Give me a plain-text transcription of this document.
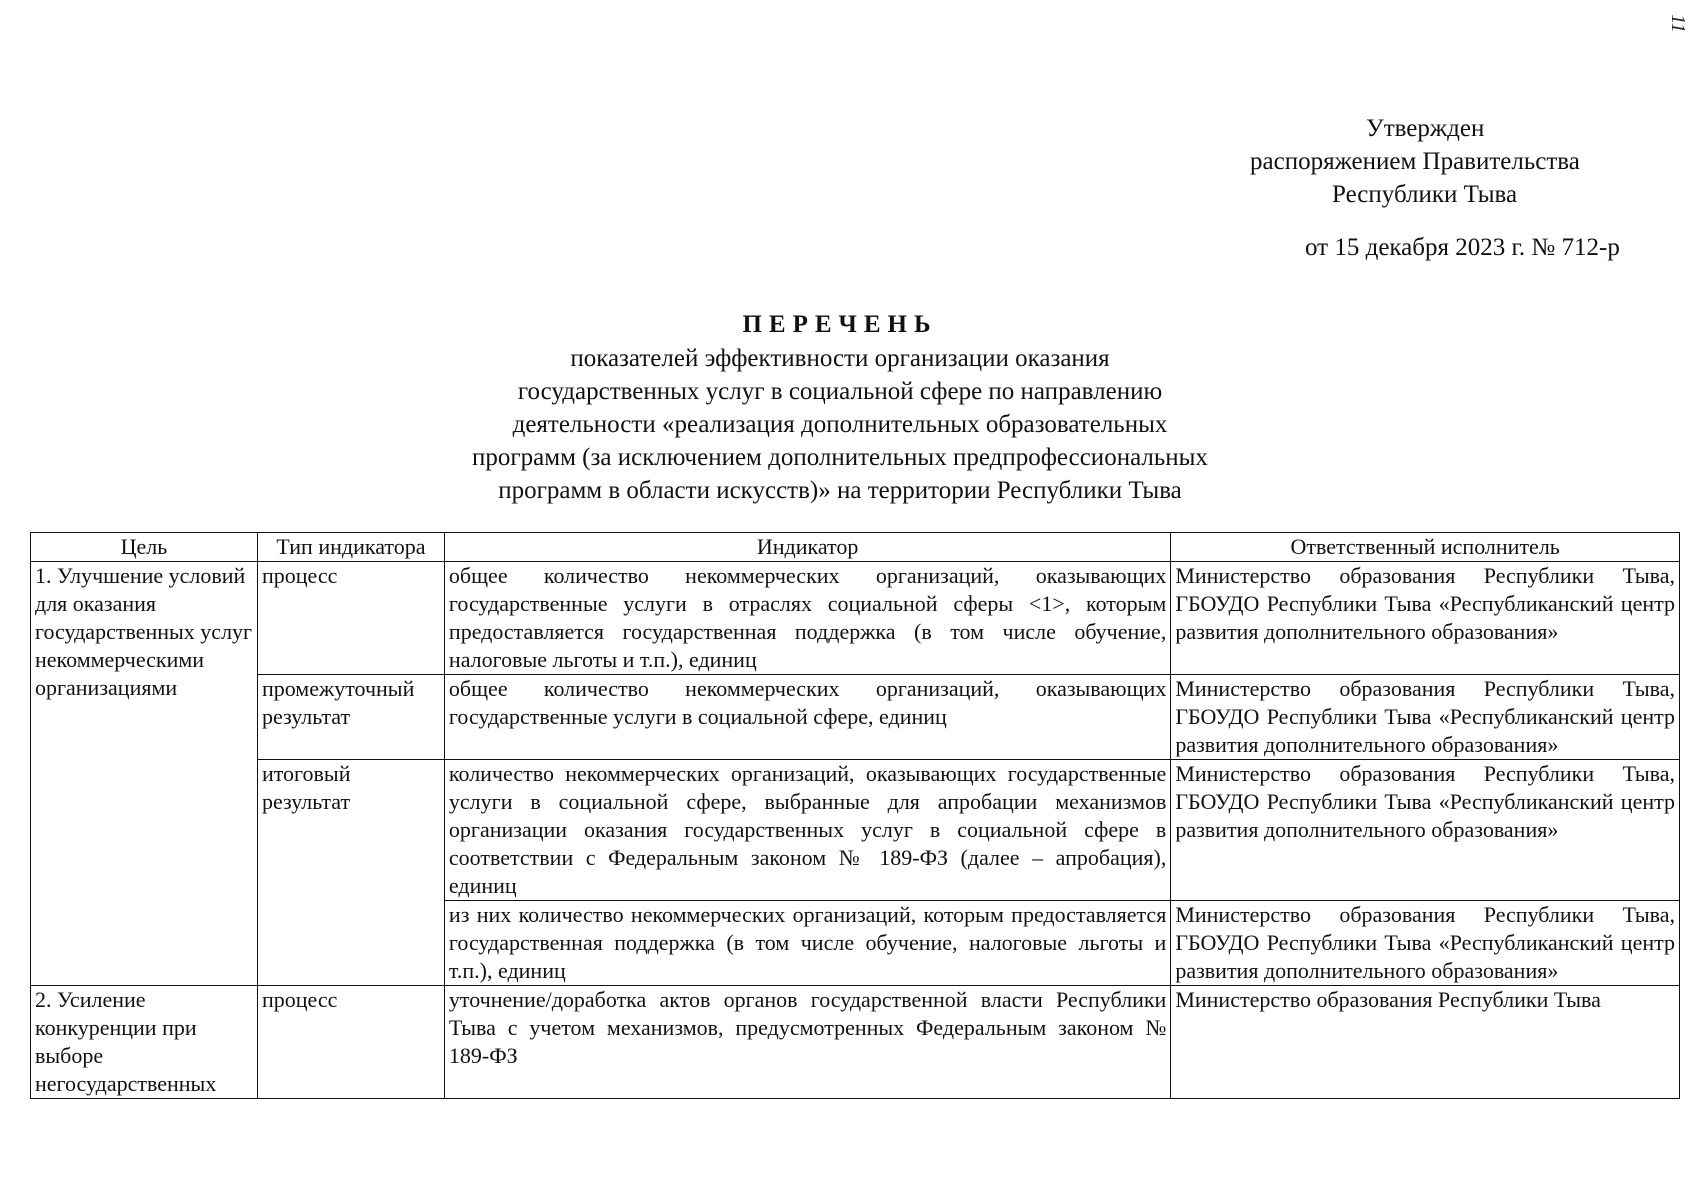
11
Утвержден
распоряжением Правительства
Республики Тыва
от 15 декабря 2023 г. № 712-р
ПЕРЕЧЕНЬ
показателей эффективности организации оказания
государственных услуг в социальной сфере по направлению
деятельности «реализация дополнительных образовательных
программ (за исключением дополнительных предпрофессиональных
программ в области искусств)» на территории Республики Тыва
Цель	Тип индикатора	Индикатор	Ответственный исполнитель
1. Улучшение условий для оказания государственных услуг некоммерческими организациями	процесс	общее количество некоммерческих организаций, оказывающих государственные услуги в отраслях социальной сферы <1>, которым предоставляется государственная поддержка (в том числе обучение, налоговые льготы и т.п.), единиц	Министерство образования Республики Тыва, ГБОУДО Республики Тыва «Республиканский центр развития дополнительного образования»
	промежуточный результат	общее количество некоммерческих организаций, оказывающих государственные услуги в социальной сфере, единиц	Министерство образования Республики Тыва, ГБОУДО Республики Тыва «Республиканский центр развития дополнительного образования»
	итоговый результат	количество некоммерческих организаций, оказывающих государственные услуги в социальной сфере, выбранные для апробации механизмов организации оказания государственных услуг в социальной сфере в соответствии с Федеральным законом № 189-ФЗ (далее – апробация), единиц	Министерство образования Республики Тыва, ГБОУДО Республики Тыва «Республиканский центр развития дополнительного образования»
		из них количество некоммерческих организаций, которым предоставляется государственная поддержка (в том числе обучение, налоговые льготы и т.п.), единиц	Министерство образования Республики Тыва, ГБОУДО Республики Тыва «Республиканский центр развития дополнительного образования»
2. Усиление конкуренции при выборе негосударственных	процесс	уточнение/доработка актов органов государственной власти Республики Тыва с учетом механизмов, предусмотренных Федеральным законом № 189-ФЗ	Министерство образования Республики Тыва
